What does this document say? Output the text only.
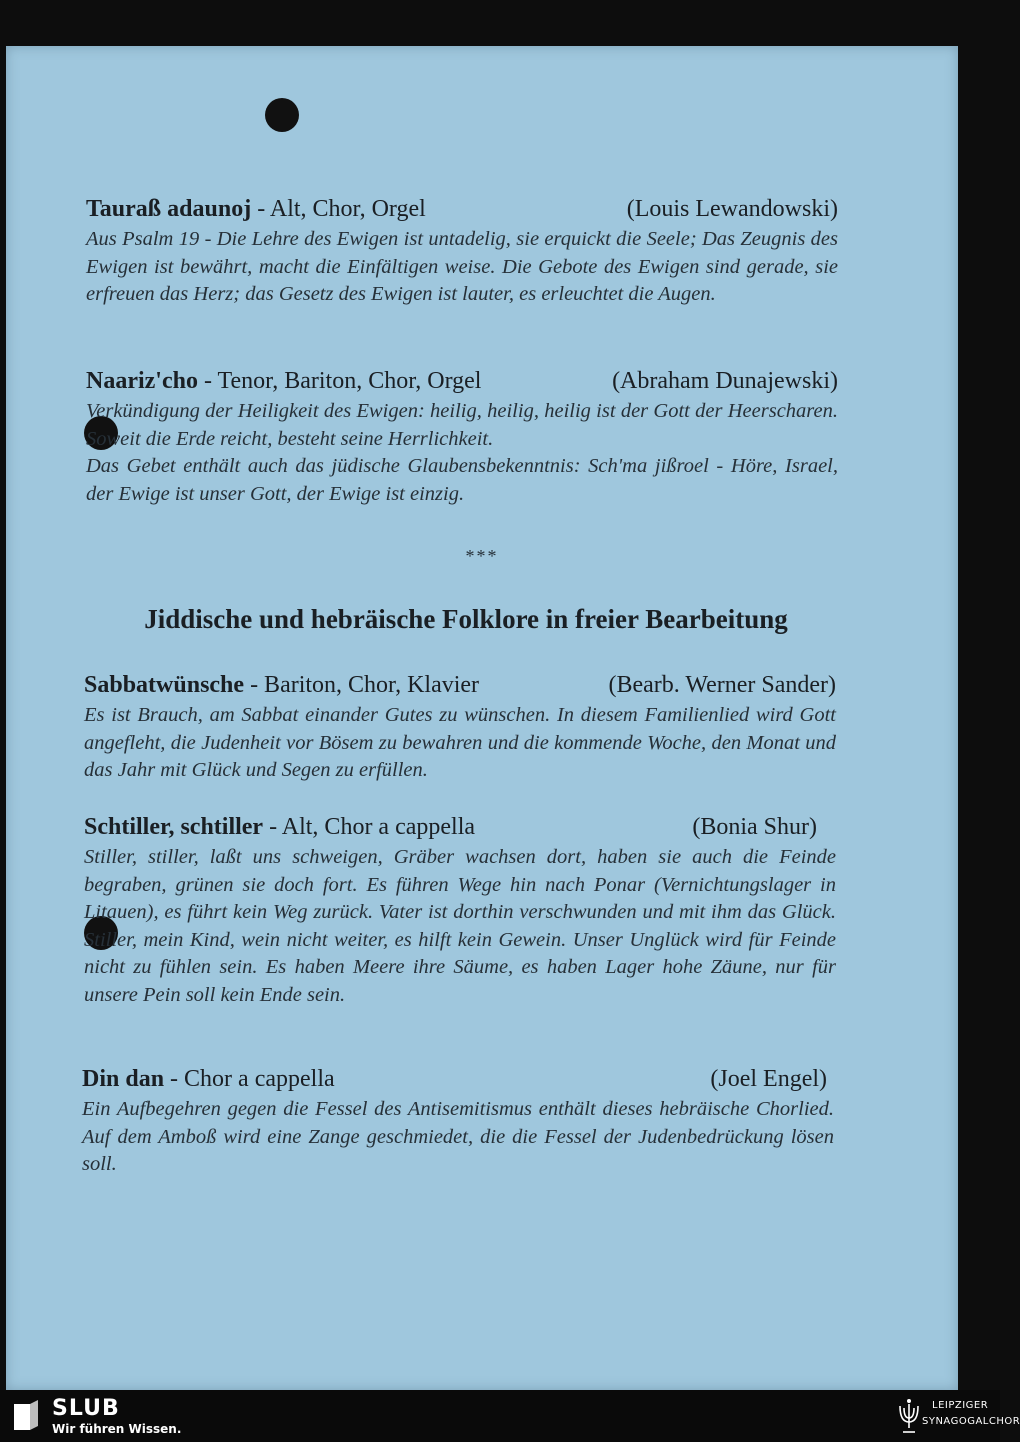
Tauraß adaunoj - Alt, Chor, Orgel	(Louis Lewandowski)
Aus Psalm 19 - Die Lehre des Ewigen ist untadelig, sie erquickt die Seele; Das Zeugnis des Ewigen ist bewährt, macht die Einfältigen weise. Die Gebote des Ewigen sind gerade, sie erfreuen das Herz; das Gesetz des Ewigen ist lauter, es erleuchtet die Augen.
Naariz'cho - Tenor, Bariton, Chor, Orgel	(Abraham Dunajewski)
Verkündigung der Heiligkeit des Ewigen: heilig, heilig, heilig ist der Gott der Heerscharen. Soweit die Erde reicht, besteht seine Herrlichkeit.
Das Gebet enthält auch das jüdische Glaubensbekenntnis: Sch'ma jißroel - Höre, Israel, der Ewige ist unser Gott, der Ewige ist einzig.
***
Jiddische und hebräische Folklore in freier Bearbeitung
Sabbatwünsche - Bariton, Chor, Klavier	(Bearb. Werner Sander)
Es ist Brauch, am Sabbat einander Gutes zu wünschen. In diesem Familienlied wird Gott angefleht, die Judenheit vor Bösem zu bewahren und die kommende Woche, den Monat und das Jahr mit Glück und Segen zu erfüllen.
Schtiller, schtiller - Alt, Chor a cappella	(Bonia Shur)
Stiller, stiller, laßt uns schweigen, Gräber wachsen dort, haben sie auch die Feinde begraben, grünen sie doch fort. Es führen Wege hin nach Ponar (Vernichtungslager in Litauen), es führt kein Weg zurück. Vater ist dorthin verschwunden und mit ihm das Glück. Stiller, mein Kind, wein nicht weiter, es hilft kein Gewein. Unser Unglück wird für Feinde nicht zu fühlen sein. Es haben Meere ihre Säume, es haben Lager hohe Zäune, nur für unsere Pein soll kein Ende sein.
Din dan - Chor a cappella	(Joel Engel)
Ein Aufbegehren gegen die Fessel des Antisemitismus enthält dieses hebräische Chorlied. Auf dem Amboß wird eine Zange geschmiedet, die die Fessel der Judenbedrückung lösen soll.
SLUB
Wir führen Wissen.
LEIPZIGER
SYNAGOGALCHOR
